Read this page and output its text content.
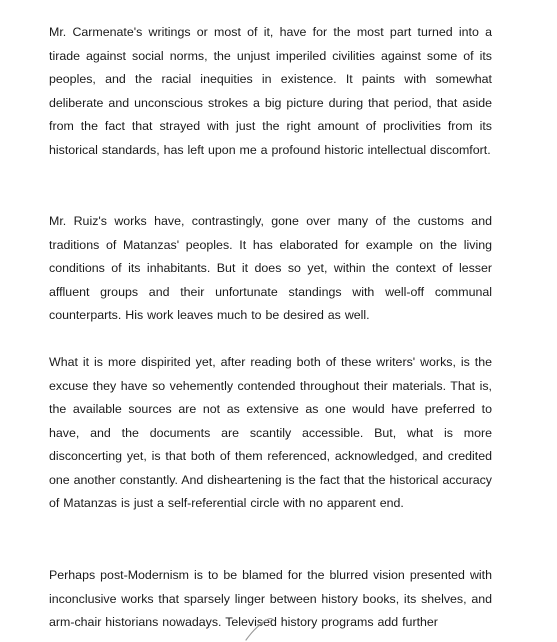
Mr. Carmenate's writings or most of it, have for the most part turned into a tirade against social norms, the unjust imperiled civilities against some of its peoples, and the racial inequities in existence. It paints with somewhat deliberate and unconscious strokes a big picture during that period, that aside from the fact that strayed with just the right amount of proclivities from its historical standards, has left upon me a profound historic intellectual discomfort.

Mr. Ruiz's works have, contrastingly, gone over many of the customs and traditions of Matanzas' peoples. It has elaborated for example on the living conditions of its inhabitants. But it does so yet, within the context of lesser affluent groups and their unfortunate standings with well-off communal counterparts. His work leaves much to be desired as well.

What it is more dispirited yet, after reading both of these writers' works, is the excuse they have so vehemently contended throughout their materials. That is, the available sources are not as extensive as one would have preferred to have, and the documents are scantily accessible. But, what is more disconcerting yet, is that both of them referenced, acknowledged, and credited one another constantly. And disheartening is the fact that the historical accuracy of Matanzas is just a self-referential circle with no apparent end.

Perhaps post-Modernism is to be blamed for the blurred vision presented with inconclusive works that sparsely linger between history books, its shelves, and arm-chair historians nowadays. Televised history programs add further
